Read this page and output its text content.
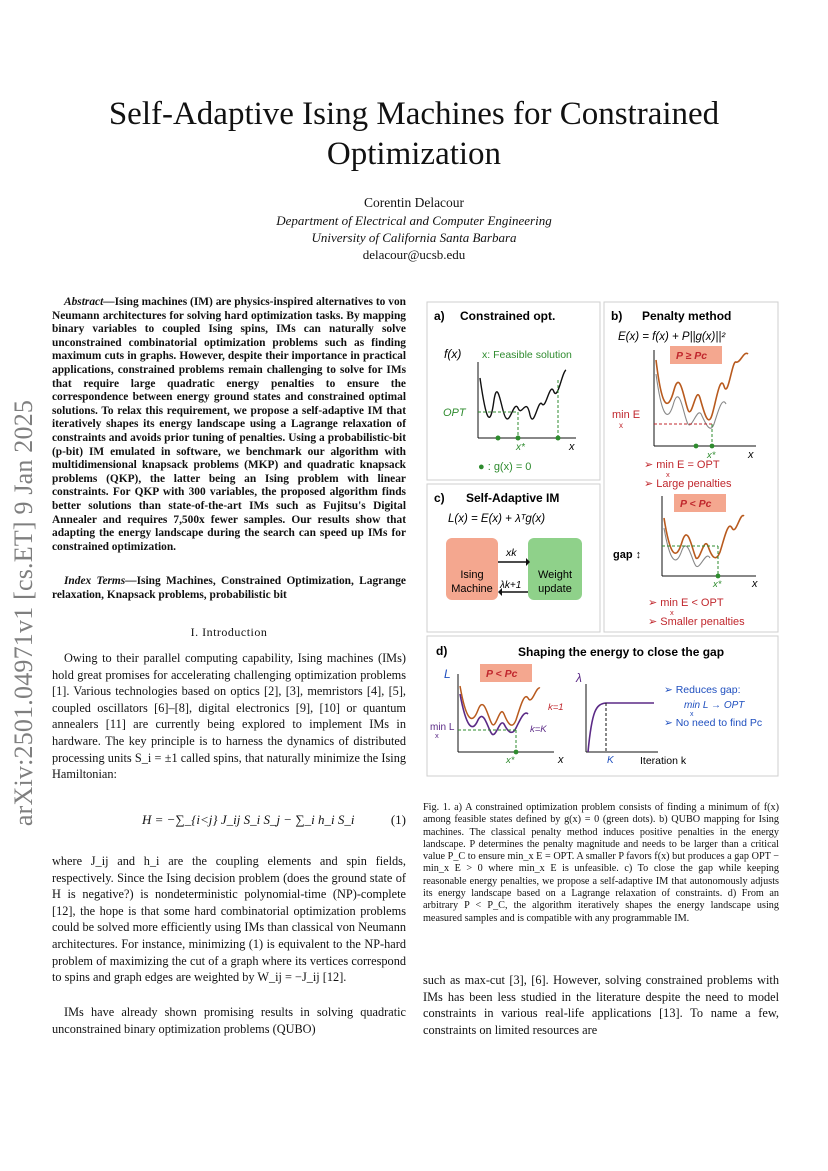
arXiv:2501.04971v1 [cs.ET] 9 Jan 2025
Self-Adaptive Ising Machines for Constrained Optimization
Corentin Delacour
Department of Electrical and Computer Engineering
University of California Santa Barbara
delacour@ucsb.edu
Abstract—Ising machines (IM) are physics-inspired alternatives to von Neumann architectures for solving hard optimization tasks. By mapping binary variables to coupled Ising spins, IMs can naturally solve unconstrained combinatorial optimization problems such as finding maximum cuts in graphs. However, despite their importance in practical applications, constrained problems remain challenging to solve for IMs that require large quadratic energy penalties to ensure the correspondence between energy ground states and constrained optimal solutions. To relax this requirement, we propose a self-adaptive IM that iteratively shapes its energy landscape using a Lagrange relaxation of constraints and avoids prior tuning of penalties. Using a probabilistic-bit (p-bit) IM emulated in software, we benchmark our algorithm with multidimensional knapsack problems (MKP) and quadratic knapsack problems (QKP), the latter being an Ising problem with linear constraints. For QKP with 300 variables, the proposed algorithm finds better solutions than state-of-the-art IMs such as Fujitsu's Digital Annealer and requires 7,500x fewer samples. Our results show that adapting the energy landscape during the search can speed up IMs for constrained optimization.
Index Terms—Ising Machines, Constrained Optimization, Lagrange relaxation, Knapsack problems, probabilistic bit
I. Introduction
Owing to their parallel computing capability, Ising machines (IMs) hold great promises for accelerating challenging optimization problems [1]. Various technologies based on optics [2], [3], memristors [4], [5], coupled oscillators [6]–[8], digital electronics [9], [10] or quantum annealers [11] are currently being explored to implement IMs in hardware. The key principle is to harness the dynamics of distributed processing units S_i = ±1 called spins, that naturally minimize the Ising Hamiltonian:
H = −∑_{i<j} J_ij S_i S_j − ∑_i h_i S_i	(1)
where J_ij and h_i are the coupling elements and spin fields, respectively. Since the Ising decision problem (does the ground state of H is negative?) is nondeterministic polynomial-time (NP)-complete [12], the hope is that some hard combinatorial optimization problems could be solved more efficiently using IMs than classical von Neumann architectures. For instance, minimizing (1) is equivalent to the NP-hard problem of maximizing the cut of a graph where its vertices correspond to spins and graph edges are weighted by W_ij = −J_ij [12].
IMs have already shown promising results in solving quadratic unconstrained binary optimization problems (QUBO)
a) Constrained opt.
f(x) x: Feasible solution
OPT
x*	x
● : g(x) = 0
b) Penalty method
E(x) = f(x) + P||g(x)||²
P ≥ Pc
min E
x
x*	x
➢ min E = OPT
x
➢ Large penalties
P < Pc
gap ↕
x*	x
➢ min E < OPT
x
➢ Smaller penalties
c) Self-Adaptive IM
L(x) = E(x) + λᵀg(x)
Ising
Machine
Weight
update
xk
λk+1
d)	Shaping the energy to close the gap
L	P < Pc
k=1
k=K
min L
x
x*	x
λ
K	Iteration k
➢ Reduces gap:
min L → OPT
x
➢ No need to find Pc
Fig. 1. a) A constrained optimization problem consists of finding a minimum of f(x) among feasible states defined by g(x) = 0 (green dots). b) QUBO mapping for Ising machines. The classical penalty method induces positive penalties in the energy landscape. P determines the penalty magnitude and needs to be larger than a critical value P_C to ensure min_x E = OPT. A smaller P favors f(x) but produces a gap OPT − min_x E > 0 where min_x E is unfeasible. c) To close the gap while keeping reasonable energy penalties, we propose a self-adaptive IM that autonomously adjusts its energy landscape based on a Lagrange relaxation of constraints. d) From an arbitrary P < P_C, the algorithm iteratively shapes the energy landscape using measured samples and is compatible with any programmable IM.
such as max-cut [3], [6]. However, solving constrained problems with IMs has been less studied in the literature despite the need to model constraints in various real-life applications [13]. To name a few, constraints on limited resources are
